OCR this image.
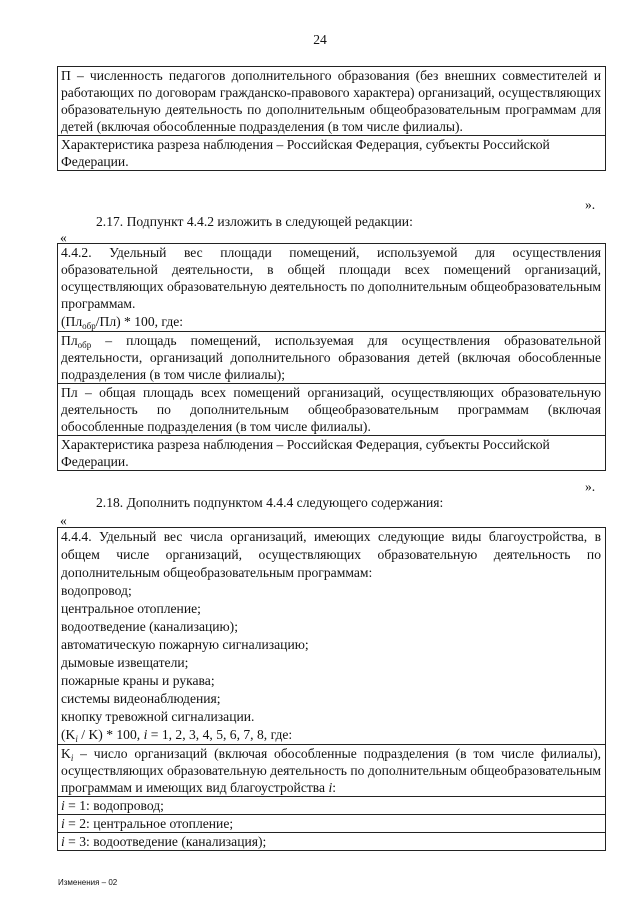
24
П – численность педагогов дополнительного образования (без внешних совместителей и работающих по договорам гражданско-правового характера) организаций, осуществляющих образовательную деятельность по дополнительным общеобразовательным программам для детей (включая обособленные подразделения (в том числе филиалы).
Характеристика разреза наблюдения – Российская Федерация, субъекты Российской Федерации.
».
2.17. Подпункт 4.4.2 изложить в следующей редакции:
«
4.4.2. Удельный вес площади помещений, используемой для осуществления образовательной деятельности, в общей площади всех помещений организаций, осуществляющих образовательную деятельность по дополнительным общеобразовательным программам.
$(Пл_{обр}/Пл) * 100$, где:
$Пл_{обр}$ – площадь помещений, используемая для осуществления образовательной деятельности, организаций дополнительного образования детей (включая обособленные подразделения (в том числе филиалы);
Пл – общая площадь всех помещений организаций, осуществляющих образовательную деятельность по дополнительным общеобразовательным программам (включая обособленные подразделения (в том числе филиалы).
Характеристика разреза наблюдения – Российская Федерация, субъекты Российской Федерации.
».
2.18. Дополнить подпунктом 4.4.4 следующего содержания:
«
4.4.4. Удельный вес числа организаций, имеющих следующие виды благоустройства, в общем числе организаций, осуществляющих образовательную деятельность по дополнительным общеобразовательным программам:
водопровод;
центральное отопление;
водоотведение (канализацию);
автоматическую пожарную сигнализацию;
дымовые извещатели;
пожарные краны и рукава;
системы видеонаблюдения;
кнопку тревожной сигнализации.
$(K_i / K) * 100$, i = 1, 2, 3, 4, 5, 6, 7, 8, где:
$K_i$ – число организаций (включая обособленные подразделения (в том числе филиалы), осуществляющих образовательную деятельность по дополнительным общеобразовательным программам и имеющих вид благоустройства i:
i = 1: водопровод;
i = 2: центральное отопление;
i = 3: водоотведение (канализация);
Изменения – 02
